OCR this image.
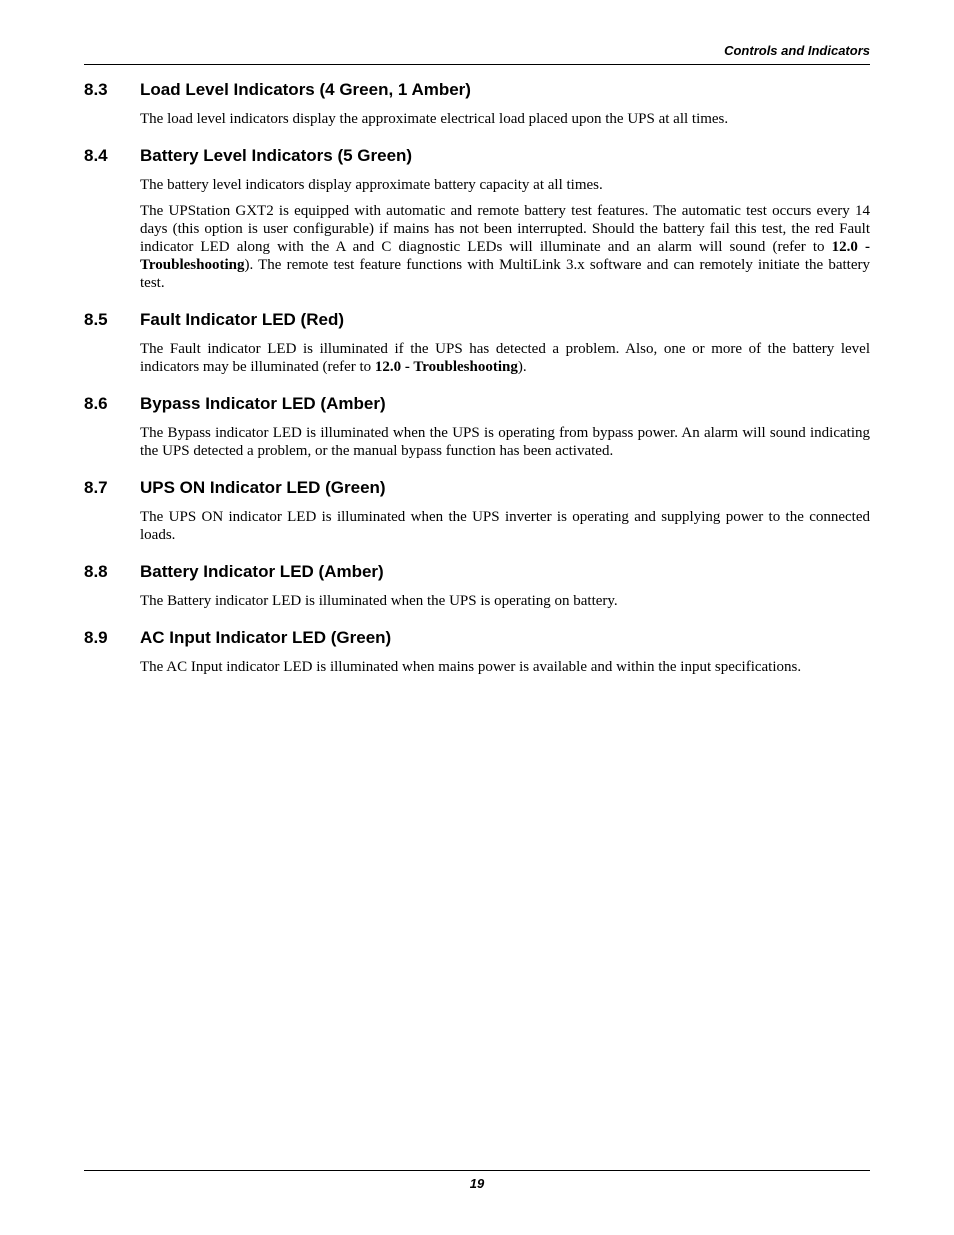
Controls and Indicators

8.3	Load Level Indicators (4 Green, 1 Amber)

The load level indicators display the approximate electrical load placed upon the UPS at all times.

8.4	Battery Level Indicators (5 Green)

The battery level indicators display approximate battery capacity at all times.

The UPStation GXT2 is equipped with automatic and remote battery test features. The automatic test occurs every 14 days (this option is user configurable) if mains has not been interrupted. Should the battery fail this test, the red Fault indicator LED along with the A and C diagnostic LEDs will illuminate and an alarm will sound (refer to 12.0 - Troubleshooting). The remote test feature functions with MultiLink 3.x software and can remotely initiate the battery test.

8.5	Fault Indicator LED (Red)

The Fault indicator LED is illuminated if the UPS has detected a problem. Also, one or more of the battery level indicators may be illuminated (refer to 12.0 - Troubleshooting).

8.6	Bypass Indicator LED (Amber)

The Bypass indicator LED is illuminated when the UPS is operating from bypass power. An alarm will sound indicating the UPS detected a problem, or the manual bypass function has been activated.

8.7	UPS ON Indicator LED (Green)

The UPS ON indicator LED is illuminated when the UPS inverter is operating and supplying power to the connected loads.

8.8	Battery Indicator LED (Amber)

The Battery indicator LED is illuminated when the UPS is operating on battery.

8.9	AC Input Indicator LED (Green)

The AC Input indicator LED is illuminated when mains power is available and within the input specifications.

19
